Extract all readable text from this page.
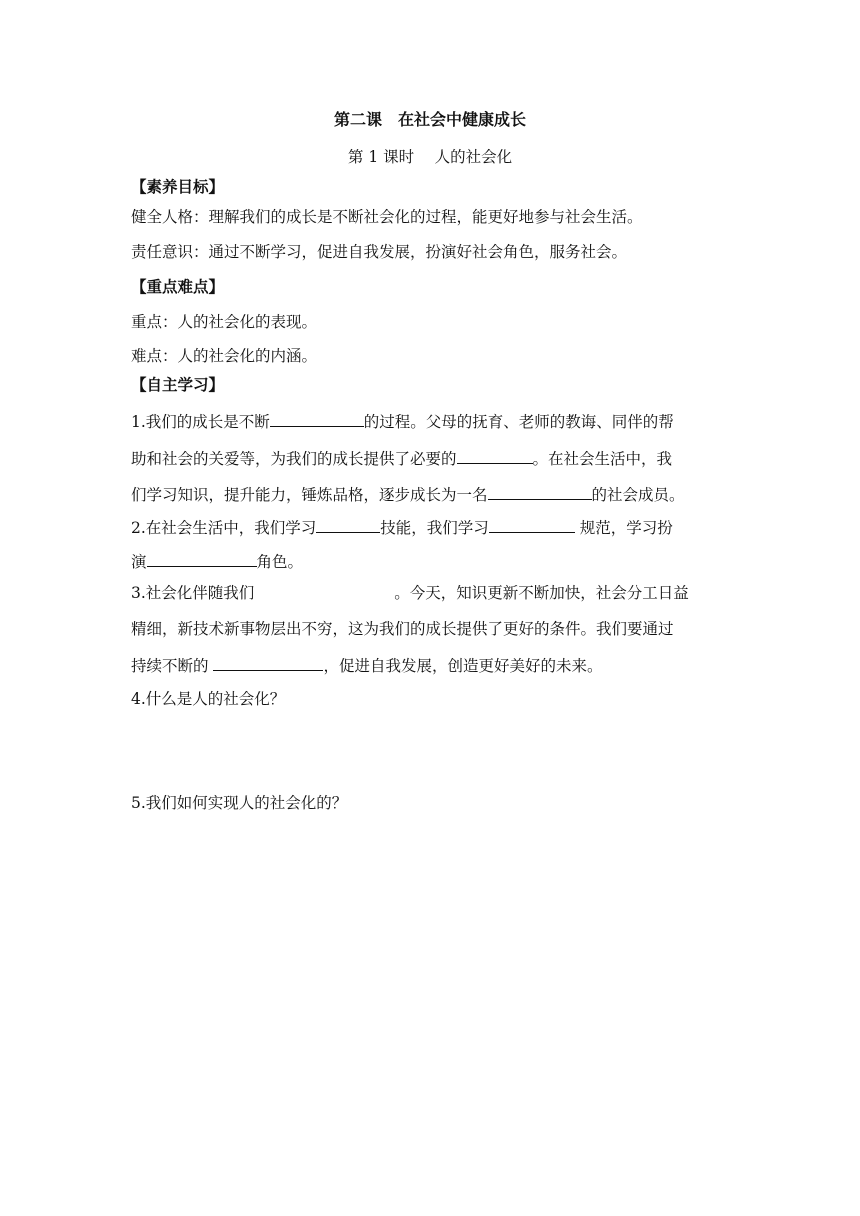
第二课　在社会中健康成长
第 1 课时　 人的社会化
【素养目标】
健全人格：理解我们的成长是不断社会化的过程，能更好地参与社会生活。
责任意识：通过不断学习，促进自我发展，扮演好社会角色，服务社会。
【重点难点】
重点：人的社会化的表现。
难点：人的社会化的内涵。
【自主学习】
1.我们的成长是不断	的过程。父母的抚育、老师的教诲、同伴的帮
助和社会的关爱等，为我们的成长提供了必要的	。在社会生活中，我
们学习知识，提升能力，锤炼品格，逐步成长为一名	的社会成员。
2.在社会生活中，我们学习	技能，我们学习	规范，学习扮
演	角色。
3.社会化伴随我们	。今天，知识更新不断加快，社会分工日益
精细，新技术新事物层出不穷，这为我们的成长提供了更好的条件。我们要通过
持续不断的	，促进自我发展，创造更好美好的未来。
4.什么是人的社会化？
5.我们如何实现人的社会化的？
